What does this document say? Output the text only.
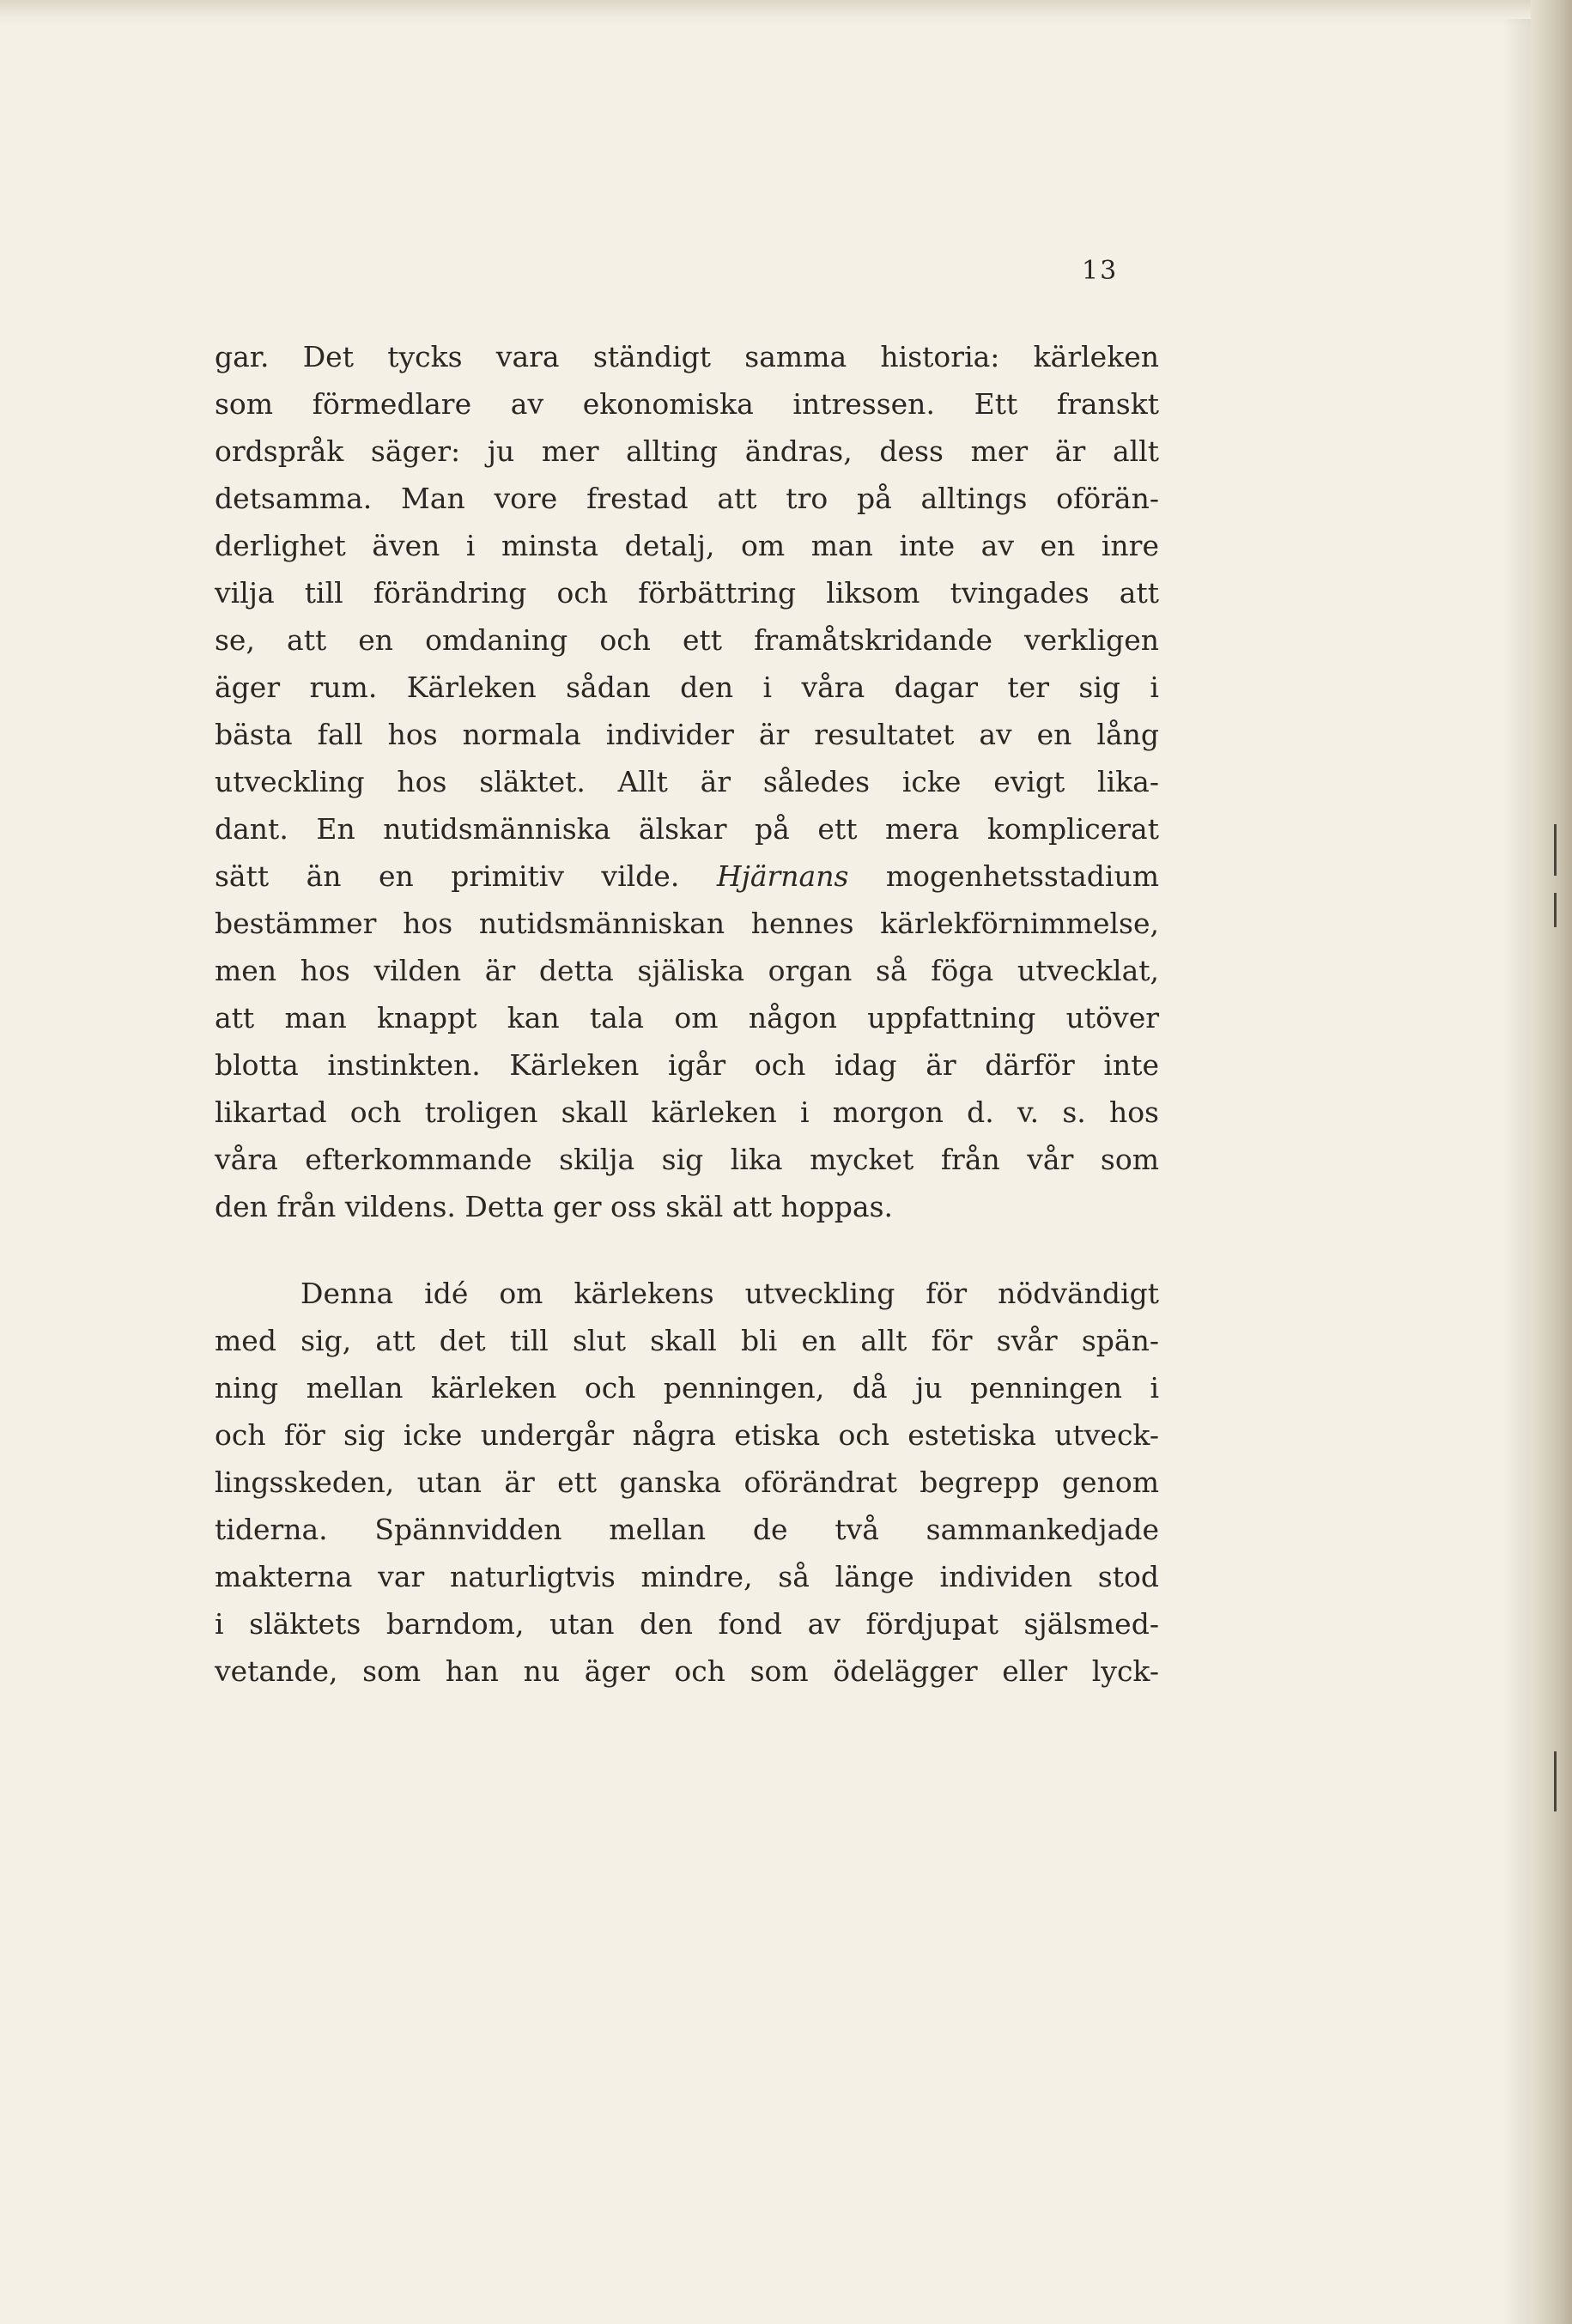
13
gar. Det tycks vara ständigt samma historia: kärleken
som förmedlare av ekonomiska intressen. Ett franskt
ordspråk säger: ju mer allting ändras, dess mer är allt
detsamma. Man vore frestad att tro på alltings oförän-
derlighet även i minsta detalj, om man inte av en inre
vilja till förändring och förbättring liksom tvingades att
se, att en omdaning och ett framåtskridande verkligen
äger rum. Kärleken sådan den i våra dagar ter sig i
bästa fall hos normala individer är resultatet av en lång
utveckling hos släktet. Allt är således icke evigt lika-
dant. En nutidsmänniska älskar på ett mera komplicerat
sätt än en primitiv vilde. Hjärnans mogenhetsstadium
bestämmer hos nutidsmänniskan hennes kärlekförnimmelse,
men hos vilden är detta själiska organ så föga utvecklat,
att man knappt kan tala om någon uppfattning utöver
blotta instinkten. Kärleken igår och idag är därför inte
likartad och troligen skall kärleken i morgon d. v. s. hos
våra efterkommande skilja sig lika mycket från vår som
den från vildens. Detta ger oss skäl att hoppas.
Denna idé om kärlekens utveckling för nödvändigt
med sig, att det till slut skall bli en allt för svår spän-
ning mellan kärleken och penningen, då ju penningen i
och för sig icke undergår några etiska och estetiska utveck-
lingsskeden, utan är ett ganska oförändrat begrepp genom
tiderna. Spännvidden mellan de två sammankedjade
makterna var naturligtvis mindre, så länge individen stod
i släktets barndom, utan den fond av fördjupat själsmed-
vetande, som han nu äger och som ödelägger eller lyck-
